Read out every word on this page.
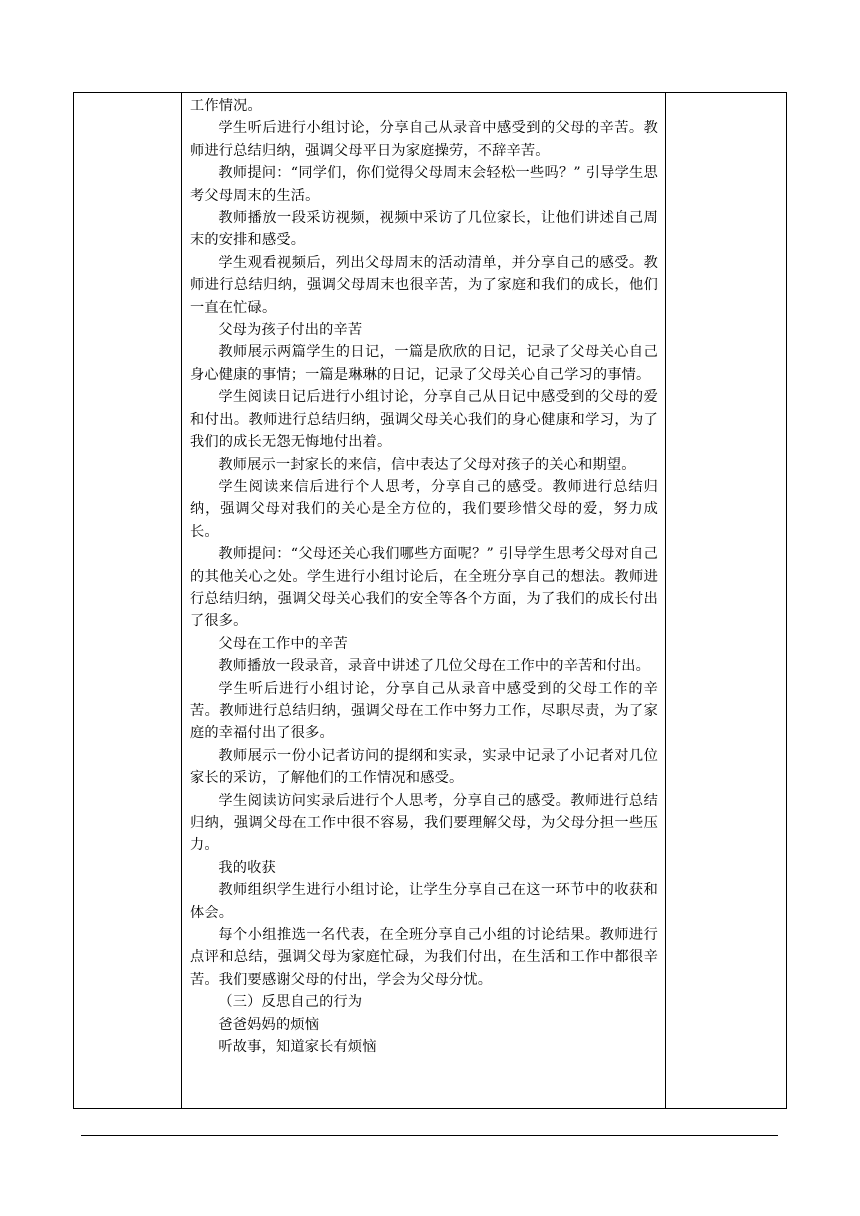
工作情况。

学生听后进行小组讨论，分享自己从录音中感受到的父母的辛苦。教师进行总结归纳，强调父母平日为家庭操劳，不辞辛苦。

教师提问：“同学们，你们觉得父母周末会轻松一些吗？” 引导学生思考父母周末的生活。

教师播放一段采访视频，视频中采访了几位家长，让他们讲述自己周末的安排和感受。

学生观看视频后，列出父母周末的活动清单，并分享自己的感受。教师进行总结归纳，强调父母周末也很辛苦，为了家庭和我们的成长，他们一直在忙碌。

父母为孩子付出的辛苦

教师展示两篇学生的日记，一篇是欣欣的日记，记录了父母关心自己身心健康的事情；一篇是琳琳的日记，记录了父母关心自己学习的事情。

学生阅读日记后进行小组讨论，分享自己从日记中感受到的父母的爱和付出。教师进行总结归纳，强调父母关心我们的身心健康和学习，为了我们的成长无怨无悔地付出着。

教师展示一封家长的来信，信中表达了父母对孩子的关心和期望。

学生阅读来信后进行个人思考，分享自己的感受。教师进行总结归纳，强调父母对我们的关心是全方位的，我们要珍惜父母的爱，努力成长。

教师提问：“父母还关心我们哪些方面呢？” 引导学生思考父母对自己的其他关心之处。学生进行小组讨论后，在全班分享自己的想法。教师进行总结归纳，强调父母关心我们的安全等各个方面，为了我们的成长付出了很多。

父母在工作中的辛苦

教师播放一段录音，录音中讲述了几位父母在工作中的辛苦和付出。

学生听后进行小组讨论，分享自己从录音中感受到的父母工作的辛苦。教师进行总结归纳，强调父母在工作中努力工作，尽职尽责，为了家庭的幸福付出了很多。

教师展示一份小记者访问的提纲和实录，实录中记录了小记者对几位家长的采访，了解他们的工作情况和感受。

学生阅读访问实录后进行个人思考，分享自己的感受。教师进行总结归纳，强调父母在工作中很不容易，我们要理解父母，为父母分担一些压力。

我的收获

教师组织学生进行小组讨论，让学生分享自己在这一环节中的收获和体会。

每个小组推选一名代表，在全班分享自己小组的讨论结果。教师进行点评和总结，强调父母为家庭忙碌，为我们付出，在生活和工作中都很辛苦。我们要感谢父母的付出，学会为父母分忧。

（三）反思自己的行为

爸爸妈妈的烦恼

听故事，知道家长有烦恼
